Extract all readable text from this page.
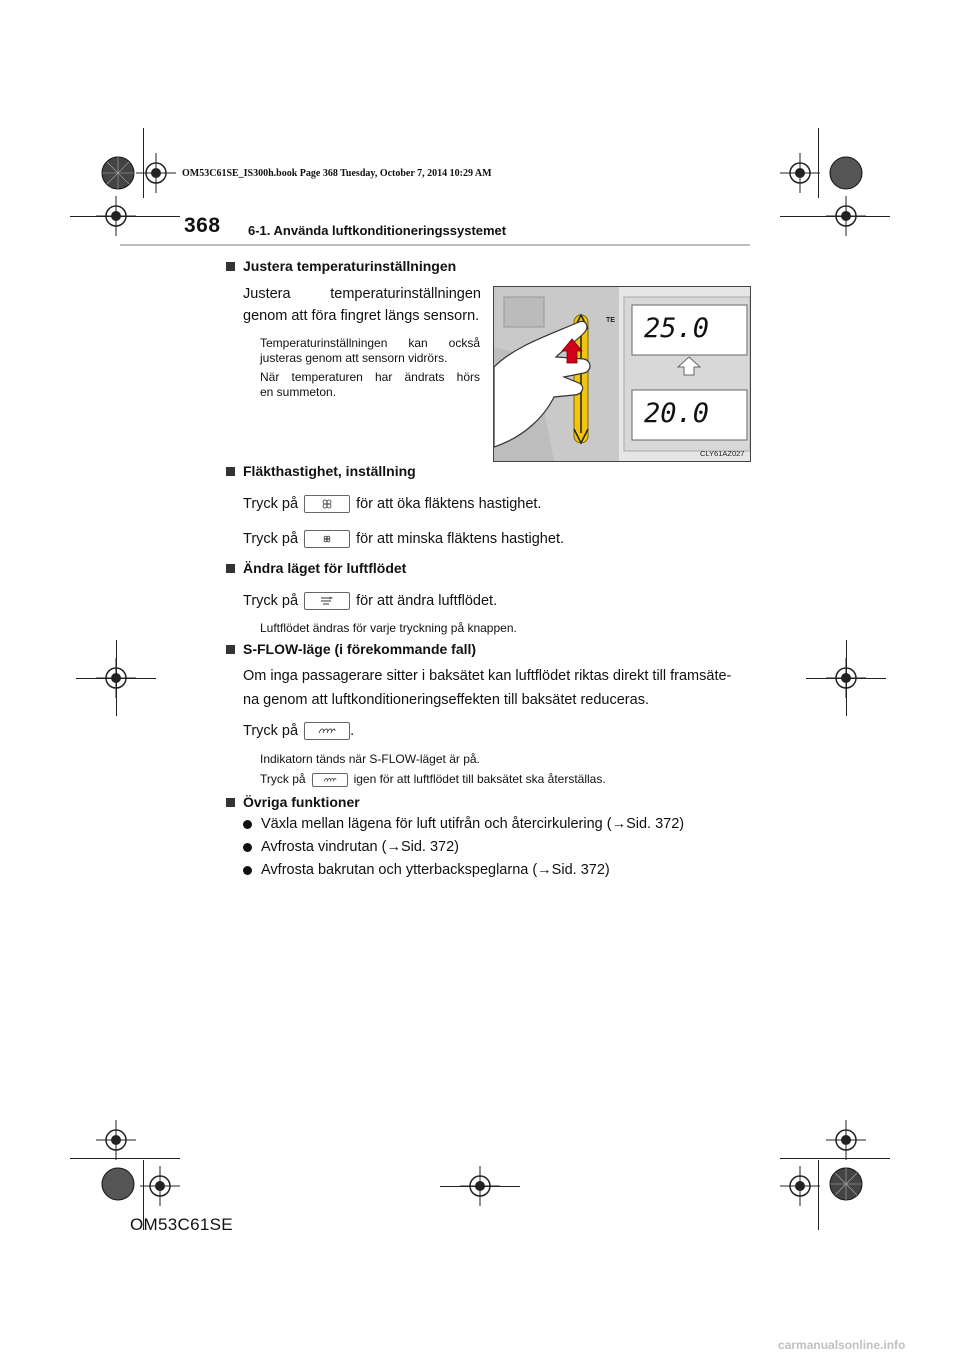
OM53C61SE_IS300h.book Page 368 Tuesday, October 7, 2014 10:29 AM
368 6-1. Använda luftkonditioneringssystemet
Justera temperaturinställningen
Justera temperaturinställningen
genom att föra fingret längs sensorn.
Temperaturinställningen kan också
justeras genom att sensorn vidrörs.
När temperaturen har ändrats hörs
en summeton.
25.0
20.0
TE
CLY61AZ027
Fläkthastighet, inställning
Tryck på	för att öka fläktens hastighet.
Tryck på	för att minska fläktens hastighet.
Ändra läget för luftflödet
Tryck på	för att ändra luftflödet.
Luftflödet ändras för varje tryckning på knappen.
S-FLOW-läge (i förekommande fall)
Om inga passagerare sitter i baksätet kan luftflödet riktas direkt till framsäte-
na genom att luftkonditioneringseffekten till baksätet reduceras.
Tryck på	.
Indikatorn tänds när S-FLOW-läget är på.
Tryck på	igen för att luftflödet till baksätet ska återställas.
Övriga funktioner
Växla mellan lägena för luft utifrån och återcirkulering (→Sid. 372)
Avfrosta vindrutan (→Sid. 372)
Avfrosta bakrutan och ytterbackspeglarna (→Sid. 372)
OM53C61SE
carmanualsonline.info
